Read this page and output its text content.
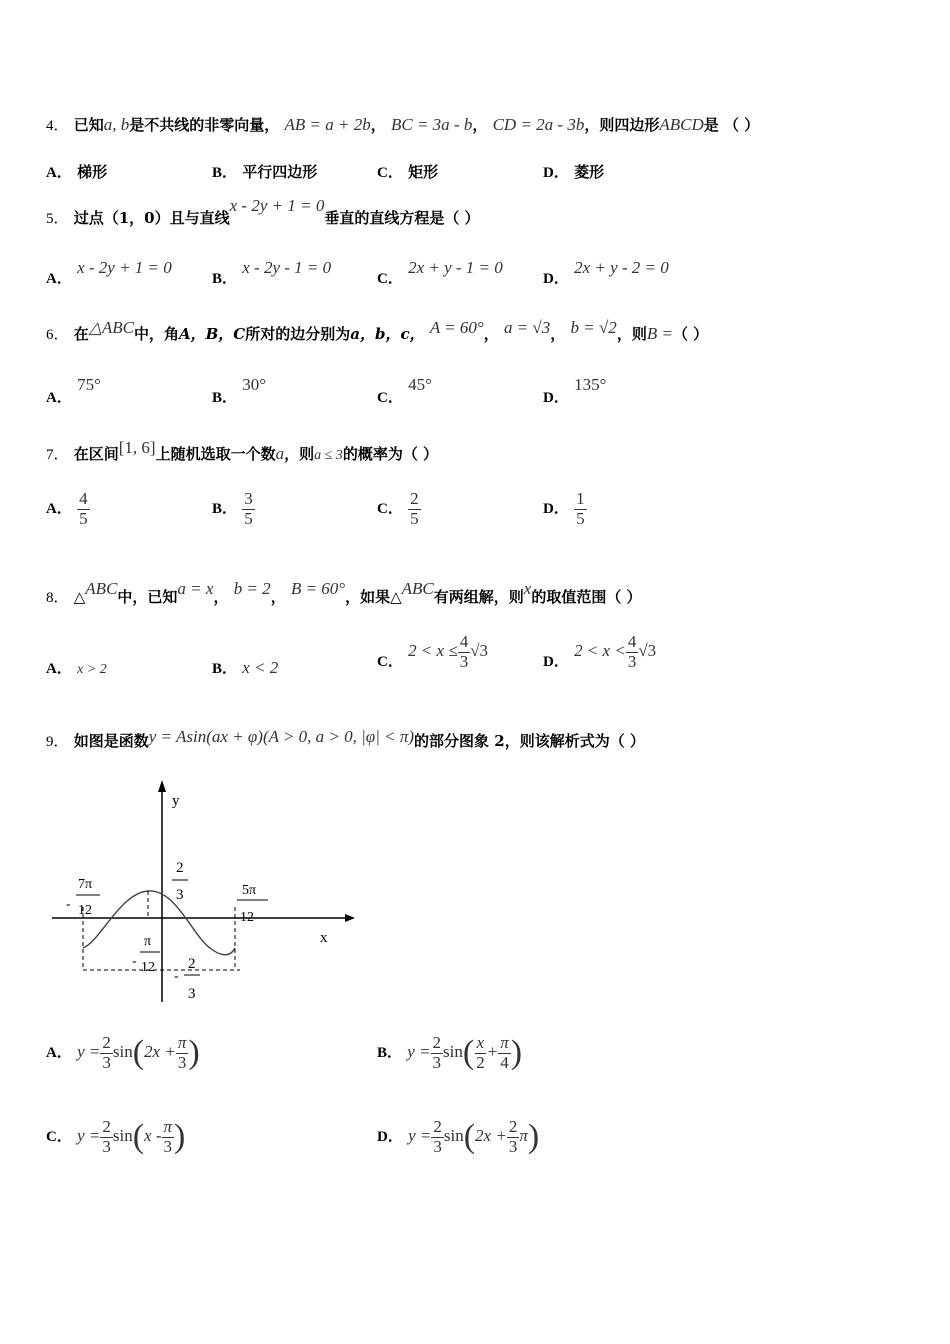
4． 已知a, b是不共线的非零向量， AB = a + 2b， BC = 3a - b， CD = 2a - 3b，则四边形ABCD是 （ ）
A． 梯形	B． 平行四边形	C． 矩形	D． 菱形
5． 过点（1，0）且与直线x - 2y + 1 = 0垂直的直线方程是（ ）
A． x - 2y + 1 = 0
B． x - 2y - 1 = 0
C． 2x + y - 1 = 0
D． 2x + y - 2 = 0
6． 在△ABC中，角A，B，C所对的边分别为a，b，c， A = 60°， a = √3， b = √2，则B =（ ）
A． 75°
B． 30°
C． 45°
D． 135°
7． 在区间[1, 6]上随机选取一个数a，则a ≤ 3的概率为（ ）
A． $\frac{4}{5}$	B． $\frac{3}{5}$	C． $\frac{2}{5}$	D． $\frac{1}{5}$
8． △ABC中，已知a = x， b = 2， B = 60°，如果△ABC有两组解，则x的取值范围（ ）
A． x > 2	B． x < 2	C． $2 < x \le \frac{4}{3} √3$
D． $2 < x < \frac{4}{3} √3$
9． 如图是函数y = Asin(ax + φ)(A > 0, a > 0, |φ| < π)的部分图象 2，则该解析式为（ ）
y
x
-
7π
12
5π
12
2
3
-
π
12
-
2
3
A． $y = \frac{2}{3} \sin(2x + \frac{\pi}{3}$ )	B． $y = \frac{2}{3} \sin( \frac{x}{2} + \frac{\pi}{4}$ )
C． $y = \frac{2}{3} \sin(x - \frac{\pi}{3}$ )	D． $y = \frac{2}{3} \sin(2x + \frac{2}{3} \pi)$
